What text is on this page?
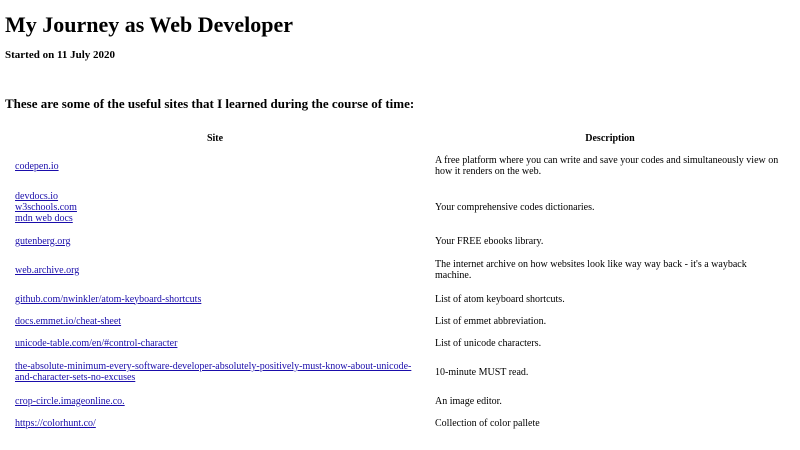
My Journey as Web Developer

Started on 11 July 2020

These are some of the useful sites that I learned during the course of time:
Site	Description

codepen.io	A free platform where you can write and save your codes and simultaneously view on how it renders on the web.

devdocs.io
w3schools.com
mdn web docs	Your comprehensive codes dictionaries.

gutenberg.org	Your FREE ebooks library.

web.archive.org	The internet archive on how websites look like way way back - it's a wayback machine.

github.com/nwinkler/atom-keyboard-shortcuts	List of atom keyboard shortcuts.

docs.emmet.io/cheat-sheet	List of emmet abbreviation.

unicode-table.com/en/#control-character	List of unicode characters.

the-absolute-minimum-every-software-developer-absolutely-positively-must-know-about-unicode-and-character-sets-no-excuses	10-minute MUST read.

crop-circle.imageonline.co.	An image editor.

https://colorhunt.co/	Collection of color pallete
